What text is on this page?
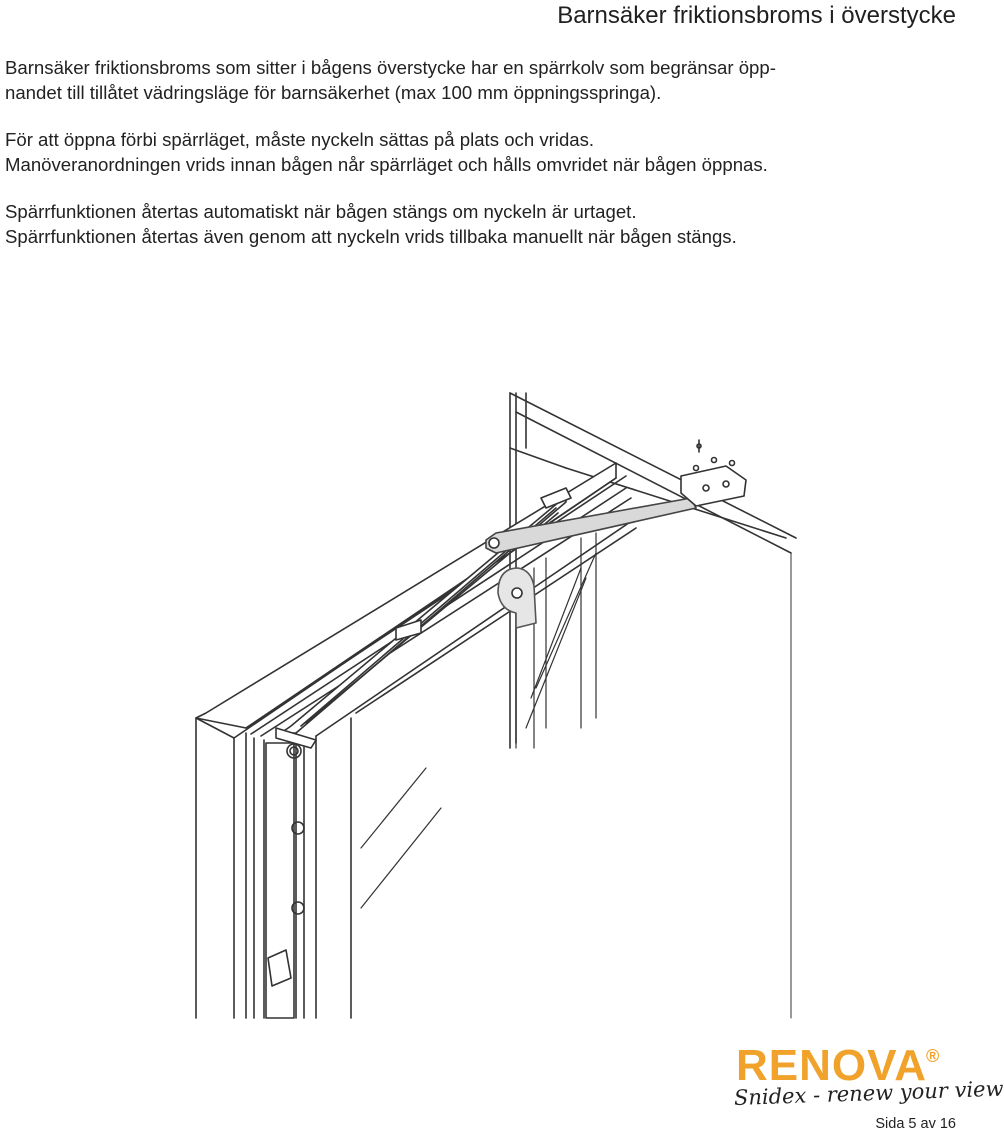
Barnsäker friktionsbroms i överstycke

Barnsäker friktionsbroms som sitter i bågens överstycke har en spärrkolv som begränsar öpp-
nandet till tillåtet vädringsläge för barnsäkerhet (max 100 mm öppningsspringa).

För att öppna förbi spärrläget, måste nyckeln sättas på plats och vridas.
Manöveranordningen vrids innan bågen når spärrläget och hålls omvridet när bågen öppnas.

Spärrfunktionen återtas automatiskt när bågen stängs om nyckeln är urtaget.
Spärrfunktionen återtas även genom att nyckeln vrids tillbaka manuellt när bågen stängs.

RENOVA ®
Snidex - renew your view
Sida 5 av 16
